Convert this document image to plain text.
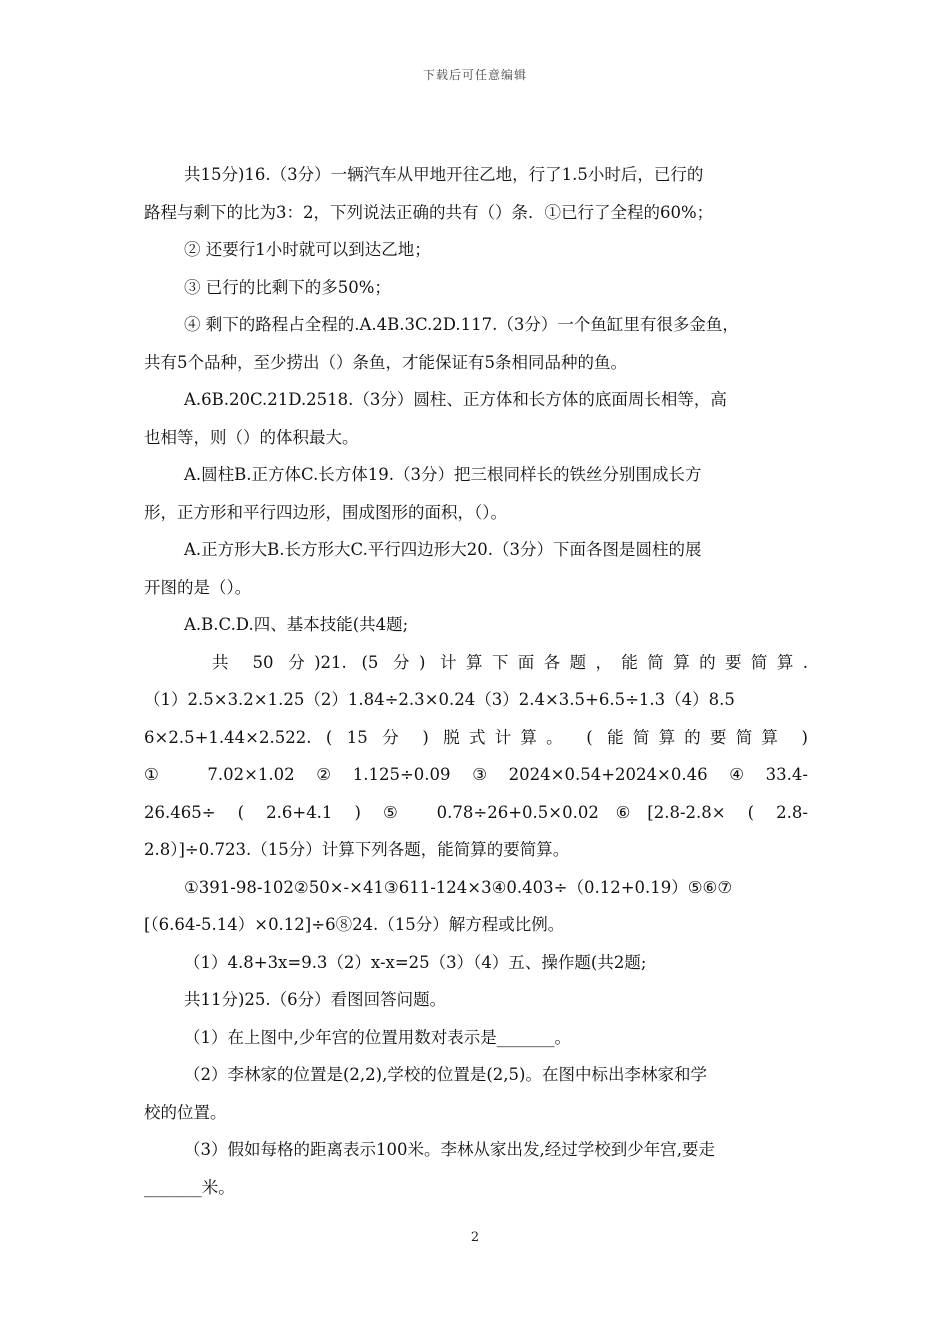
下载后可任意编辑
共15分)16.（3分）一辆汽车从甲地开往乙地，行了1.5小时后，已行的
路程与剩下的比为3：2，下列说法正确的共有（）条．①已行了全程的60%；
② 还要行1小时就可以到达乙地；
③ 已行的比剩下的多50%；
④ 剩下的路程占全程的.A.4B.3C.2D.117.（3分）一个鱼缸里有很多金鱼，
共有5个品种，至少捞出（）条鱼，才能保证有5条相同品种的鱼。
A.6B.20C.21D.2518.（3分）圆柱、正方体和长方体的底面周长相等，高
也相等，则（）的体积最大。
A.圆柱B.正方体C.长方体19.（3分）把三根同样长的铁丝分别围成长方
形，正方形和平行四边形，围成图形的面积，（）。
A.正方形大B.长方形大C.平行四边形大20.（3分）下面各图是圆柱的展
开图的是（）。
A.B.C.D.四、基本技能(共4题;
共 50 分)21. (5 分) 计算下面各题，能简算的要简算.
（1）2.5×3.2×1.25（2）1.84÷2.3×0.24（3）2.4×3.5+6.5÷1.3（4）8.5
6×2.5+1.44×2.522. ( 15 分 ) 脱式计算。 ( 能简算的要简算 )
① 7.02×1.02②1.125÷0.09③2024×0.54+2024×0.46④33.4-
26.465÷ ( 2.6+4.1 ) ⑤ 0.78÷26+0.5×0.02⑥[2.8-2.8× ( 2.8-
2.8）]÷0.723.（15分）计算下列各题，能简算的要简算。
①391-98-102②50×-×41③611-124×3④0.403÷（0.12+0.19）⑤⑥⑦
[（6.64-5.14）×0.12]÷6⑧24.（15分）解方程或比例。
（1）4.8+3x=9.3（2）x-x=25（3）（4）五、操作题(共2题;
共11分)25.（6分）看图回答问题。
（1）在上图中,少年宫的位置用数对表示是_______。
（2）李林家的位置是(2,2),学校的位置是(2,5)。在图中标出李林家和学
校的位置。
（3）假如每格的距离表示100米。李林从家出发,经过学校到少年宫,要走
_______米。
2
